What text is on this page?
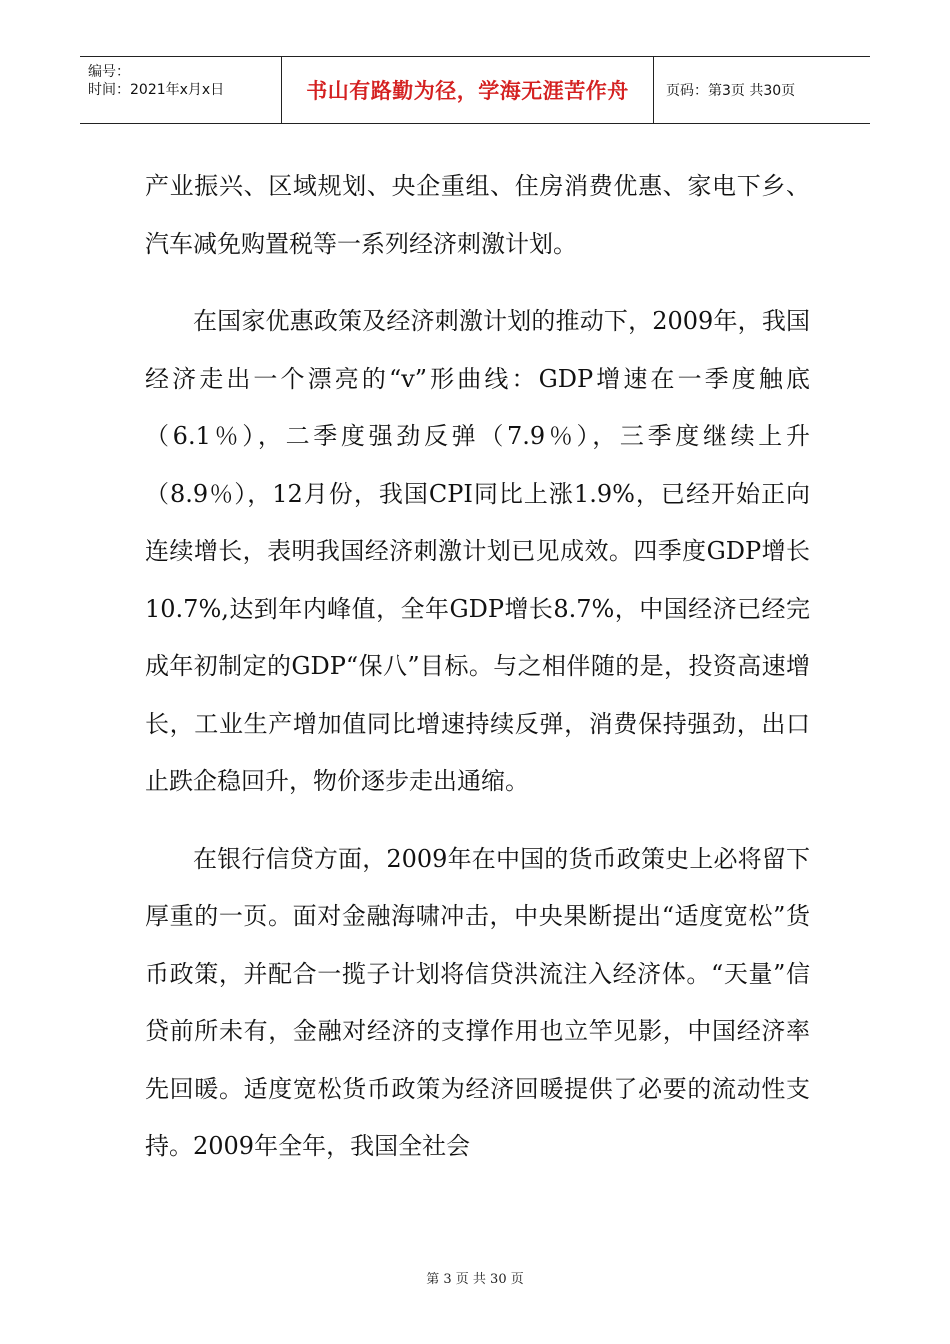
编号：
时间：2021年x月x日	书山有路勤为径，学海无涯苦作舟	页码：第3页 共30页

产业振兴、区域规划、央企重组、住房消费优惠、家电下乡、汽车减免购置税等一系列经济刺激计划。

在国家优惠政策及经济刺激计划的推动下，2009年，我国经济走出一个漂亮的“v”形曲线：GDP增速在一季度触底（6.1％），二季度强劲反弹（7.9％），三季度继续上升（8.9％），12月份，我国CPI同比上涨1.9%，已经开始正向连续增长，表明我国经济刺激计划已见成效。四季度GDP增长10.7%,达到年内峰值，全年GDP增长8.7%，中国经济已经完成年初制定的GDP“保八”目标。与之相伴随的是，投资高速增长，工业生产增加值同比增速持续反弹，消费保持强劲，出口止跌企稳回升，物价逐步走出通缩。

在银行信贷方面，2009年在中国的货币政策史上必将留下厚重的一页。面对金融海啸冲击，中央果断提出“适度宽松”货币政策，并配合一揽子计划将信贷洪流注入经济体。“天量”信贷前所未有，金融对经济的支撑作用也立竿见影，中国经济率先回暖。适度宽松货币政策为经济回暖提供了必要的流动性支持。2009年全年，我国全社会

第 3 页 共 30 页
